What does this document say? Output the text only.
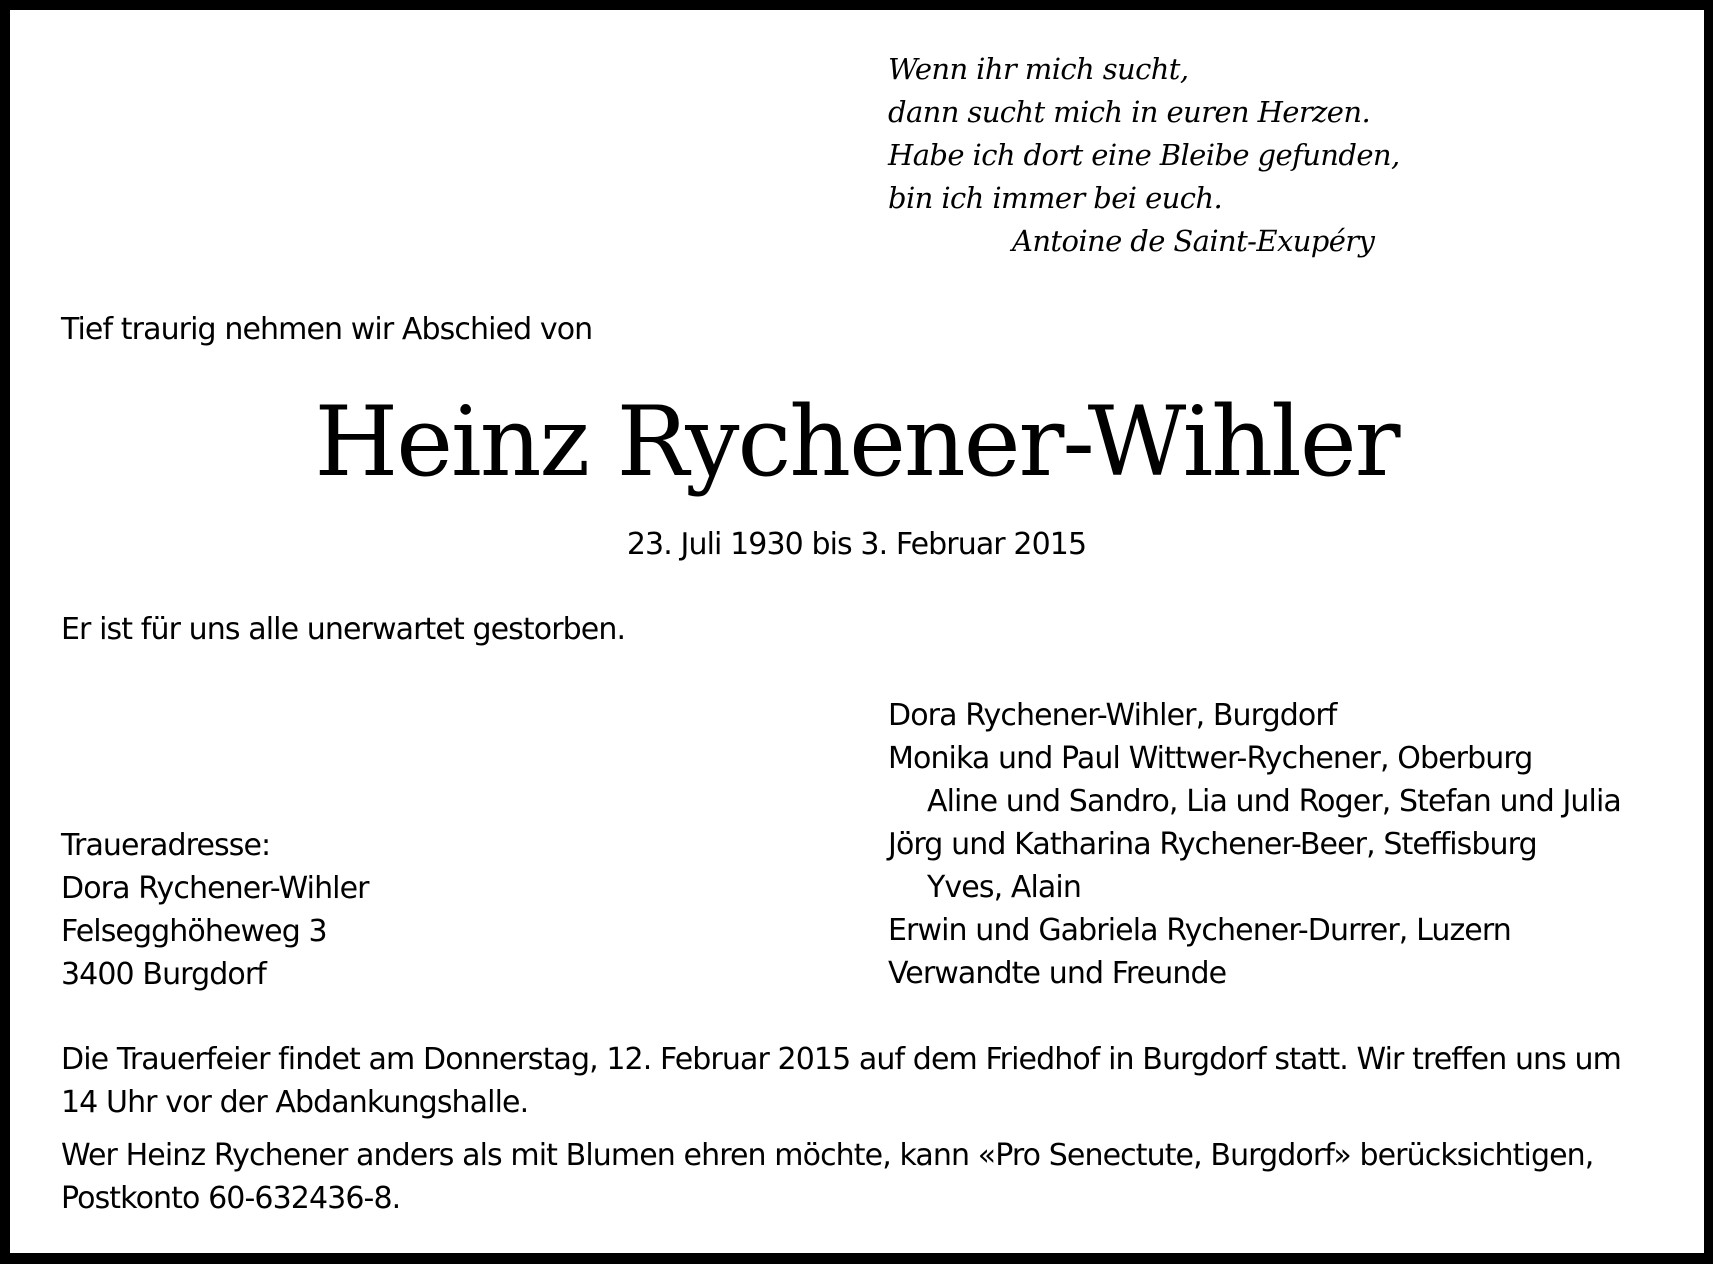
Wenn ihr mich sucht,
dann sucht mich in euren Herzen.
Habe ich dort eine Bleibe gefunden,
bin ich immer bei euch.
Antoine de Saint-Exupéry
Tief traurig nehmen wir Abschied von
Heinz Rychener-Wihler
23. Juli 1930 bis 3. Februar 2015
Er ist für uns alle unerwartet gestorben.
Traueradresse:
Dora Rychener-Wihler
Felsegghöheweg 3
3400 Burgdorf
Dora Rychener-Wihler, Burgdorf
Monika und Paul Wittwer-Rychener, Oberburg
Aline und Sandro, Lia und Roger, Stefan und Julia
Jörg und Katharina Rychener-Beer, Steffisburg
Yves, Alain
Erwin und Gabriela Rychener-Durrer, Luzern
Verwandte und Freunde
Die Trauerfeier findet am Donnerstag, 12. Februar 2015 auf dem Friedhof in Burgdorf statt. Wir treffen uns um
14 Uhr vor der Abdankungshalle.
Wer Heinz Rychener anders als mit Blumen ehren möchte, kann «Pro Senectute, Burgdorf» berücksichtigen,
Postkonto 60-632436-8.
